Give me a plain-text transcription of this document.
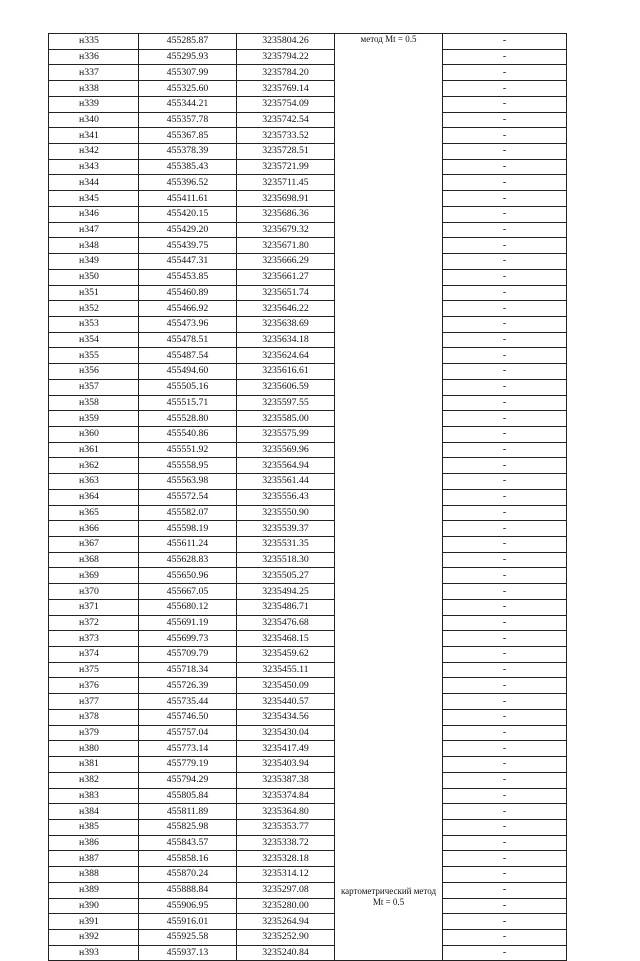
н335	455285.87	3235804.26	метод Mt = 0.5	-
н336	455295.93	3235794.22		-
н337	455307.99	3235784.20		-
н338	455325.60	3235769.14		-
н339	455344.21	3235754.09		-
н340	455357.78	3235742.54		-
н341	455367.85	3235733.52		-
н342	455378.39	3235728.51		-
н343	455385.43	3235721.99		-
н344	455396.52	3235711.45		-
н345	455411.61	3235698.91		-
н346	455420.15	3235686.36		-
н347	455429.20	3235679.32		-
н348	455439.75	3235671.80		-
н349	455447.31	3235666.29		-
н350	455453.85	3235661.27		-
н351	455460.89	3235651.74		-
н352	455466.92	3235646.22		-
н353	455473.96	3235638.69		-
н354	455478.51	3235634.18		-
н355	455487.54	3235624.64		-
н356	455494.60	3235616.61		-
н357	455505.16	3235606.59		-
н358	455515.71	3235597.55		-
н359	455528.80	3235585.00		-
н360	455540.86	3235575.99		-
н361	455551.92	3235569.96		-
н362	455558.95	3235564.94		-
н363	455563.98	3235561.44		-
н364	455572.54	3235556.43		-
н365	455582.07	3235550.90		-
н366	455598.19	3235539.37		-
н367	455611.24	3235531.35		-
н368	455628.83	3235518.30		-
н369	455650.96	3235505.27		-
н370	455667.05	3235494.25		-
н371	455680.12	3235486.71		-
н372	455691.19	3235476.68		-
н373	455699.73	3235468.15		-
н374	455709.79	3235459.62		-
н375	455718.34	3235455.11		-
н376	455726.39	3235450.09		-
н377	455735.44	3235440.57		-
н378	455746.50	3235434.56		-
н379	455757.04	3235430.04		-
н380	455773.14	3235417.49		-
н381	455779.19	3235403.94		-
н382	455794.29	3235387.38		-
н383	455805.84	3235374.84		-
н384	455811.89	3235364.80		-
н385	455825.98	3235353.77		-
н386	455843.57	3235338.72		-
н387	455858.16	3235328.18		-
н388	455870.24	3235314.12		-
н389	455888.84	3235297.08	картометрический метод Mt = 0.5	-
н390	455906.95	3235280.00		-
н391	455916.01	3235264.94		-
н392	455925.58	3235252.90		-
н393	455937.13	3235240.84		-
